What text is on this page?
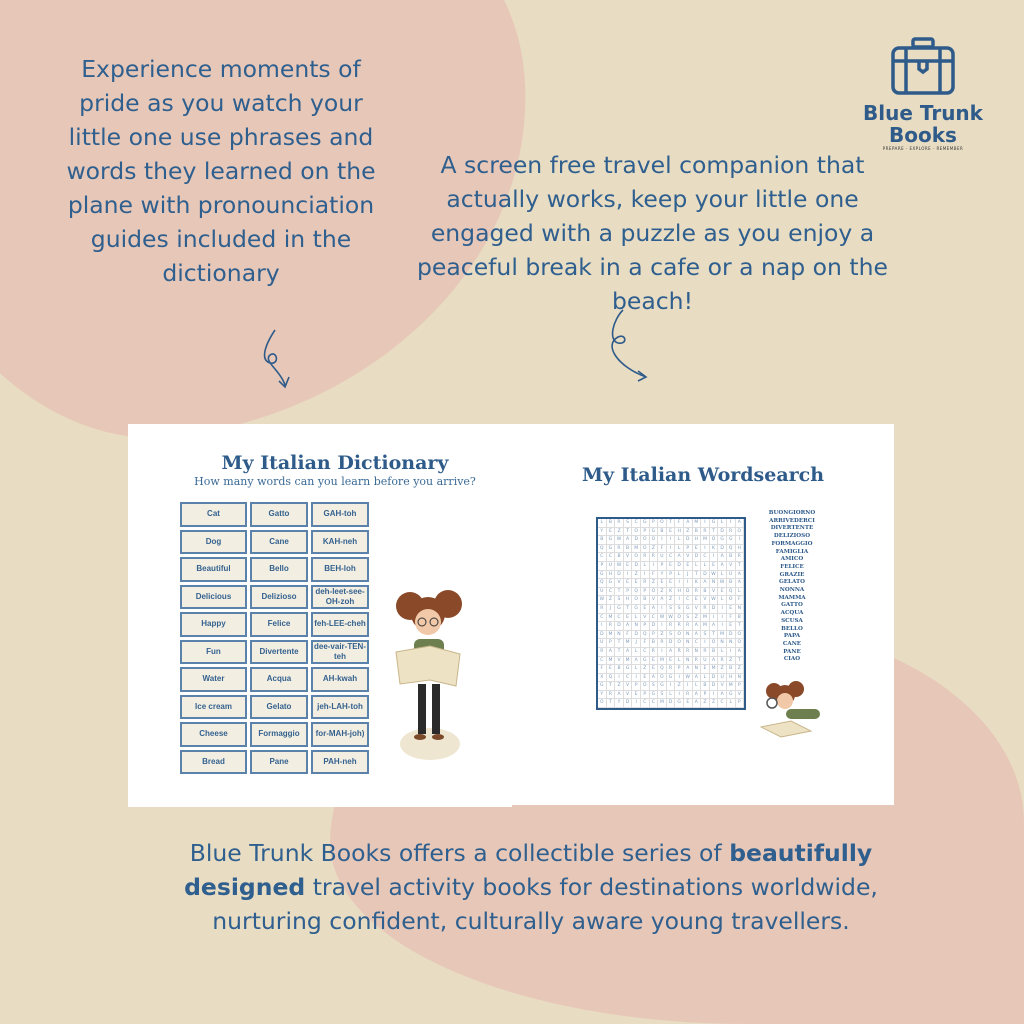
Experience moments of pride as you watch your little one use phrases and words they learned on the plane with pronounciation guides included in the dictionary
A screen free travel companion that actually works, keep your little one engaged with a puzzle as you enjoy a peaceful break in a cafe or a nap on the beach!
Blue Trunk
Books
PREPARE · EXPLORE · REMEMBER
My Italian Dictionary
How many words can you learn before you arrive?
Cat	Gatto	GAH-toh
Dog	Cane	KAH-neh
Beautiful	Bello	BEH-loh
Delicious	Delizioso	deh-leet-see-OH-zoh
Happy	Felice	feh-LEE-cheh
Fun	Divertente	dee-vair-TEN-teh
Water	Acqua	AH-kwah
Ice cream	Gelato	jeh-LAH-toh
Cheese	Formaggio	for-MAH-joh)
Bread	Pane	PAH-neh
My Italian Wordsearch
L	B	R	S	C	G	P	O	T	F	A	M	I	G	L	I	A
Y	E	Z	T	O	P	G	B	E	H	Z	B	R	T	D	R	O
B	G	W	A	D	O	O	I	I	L	D	H	M	O	G	G	I
Q	G	R	B	M	O	Z	F	I	L	P	E	I	K	D	Q	H
C	C	B	V	O	R	R	U	C	A	V	D	C	I	A	B	R
P	U	W	E	D	L	I	P	E	D	E	L	L	E	A	V	T
G	H	D	I	Z	I	F	Y	P	L	J	T	D	W	L	U	A
Q	G	V	E	E	R	Z	E	E	I	I	K	A	N	W	B	A
U	C	T	P	Q	P	O	Z	K	H	D	R	B	V	E	Q	L
W	Z	S	H	O	B	V	A	Z	I	C	E	V	W	L	O	F
R	J	G	T	G	E	A	I	S	S	G	V	R	D	I	E	N
C	M	C	E	L	V	C	W W	O	S	Z	M	I	I	F	B
I	R	D	A	N	P	D	I	R	R	R	A	M	A	I	E	T
D	M	N	F	D	Q	P	Z	S	O	N	A	S	T	M	D	O
U	P	T	M	J	F	B	R	D	O	N	C	I	O	N	N	O
R	A	T	A	L	C	R	I	A	R	R	N	R	B	L	I	A
C	M	V	M	A	G	E	M	E	L	N	R	U	A	R	Z	T
F	E	B	G	L	Z	E	Q	R	P	A	N	E	M	Z	B	Z
X	Q	I	C	I	E	A	O	G	I	W	A	L	D	U	H	N
G	T	Z	V	P	O	S	G	I	Z	I	L	B	D	V	M	P
Y	R	A	V	E	P	G	S	L	I	R	A	P	I	A	G	V
O	T	Y	D	I	C	C	M	D	G	E	A	Z	Z	C	L	P
BUONGIORNO
ARRIVEDERCI
DIVERTENTE
DELIZIOSO
FORMAGGIO
FAMIGLIA
AMICO
FELICE
GRAZIE
GELATO
NONNA
MAMMA
GATTO
ACQUA
SCUSA
BELLO
PAPA
CANE
PANE
CIAO
Blue Trunk Books offers a collectible series of beautifully designed travel activity books for destinations worldwide, nurturing confident, culturally aware young travellers.
